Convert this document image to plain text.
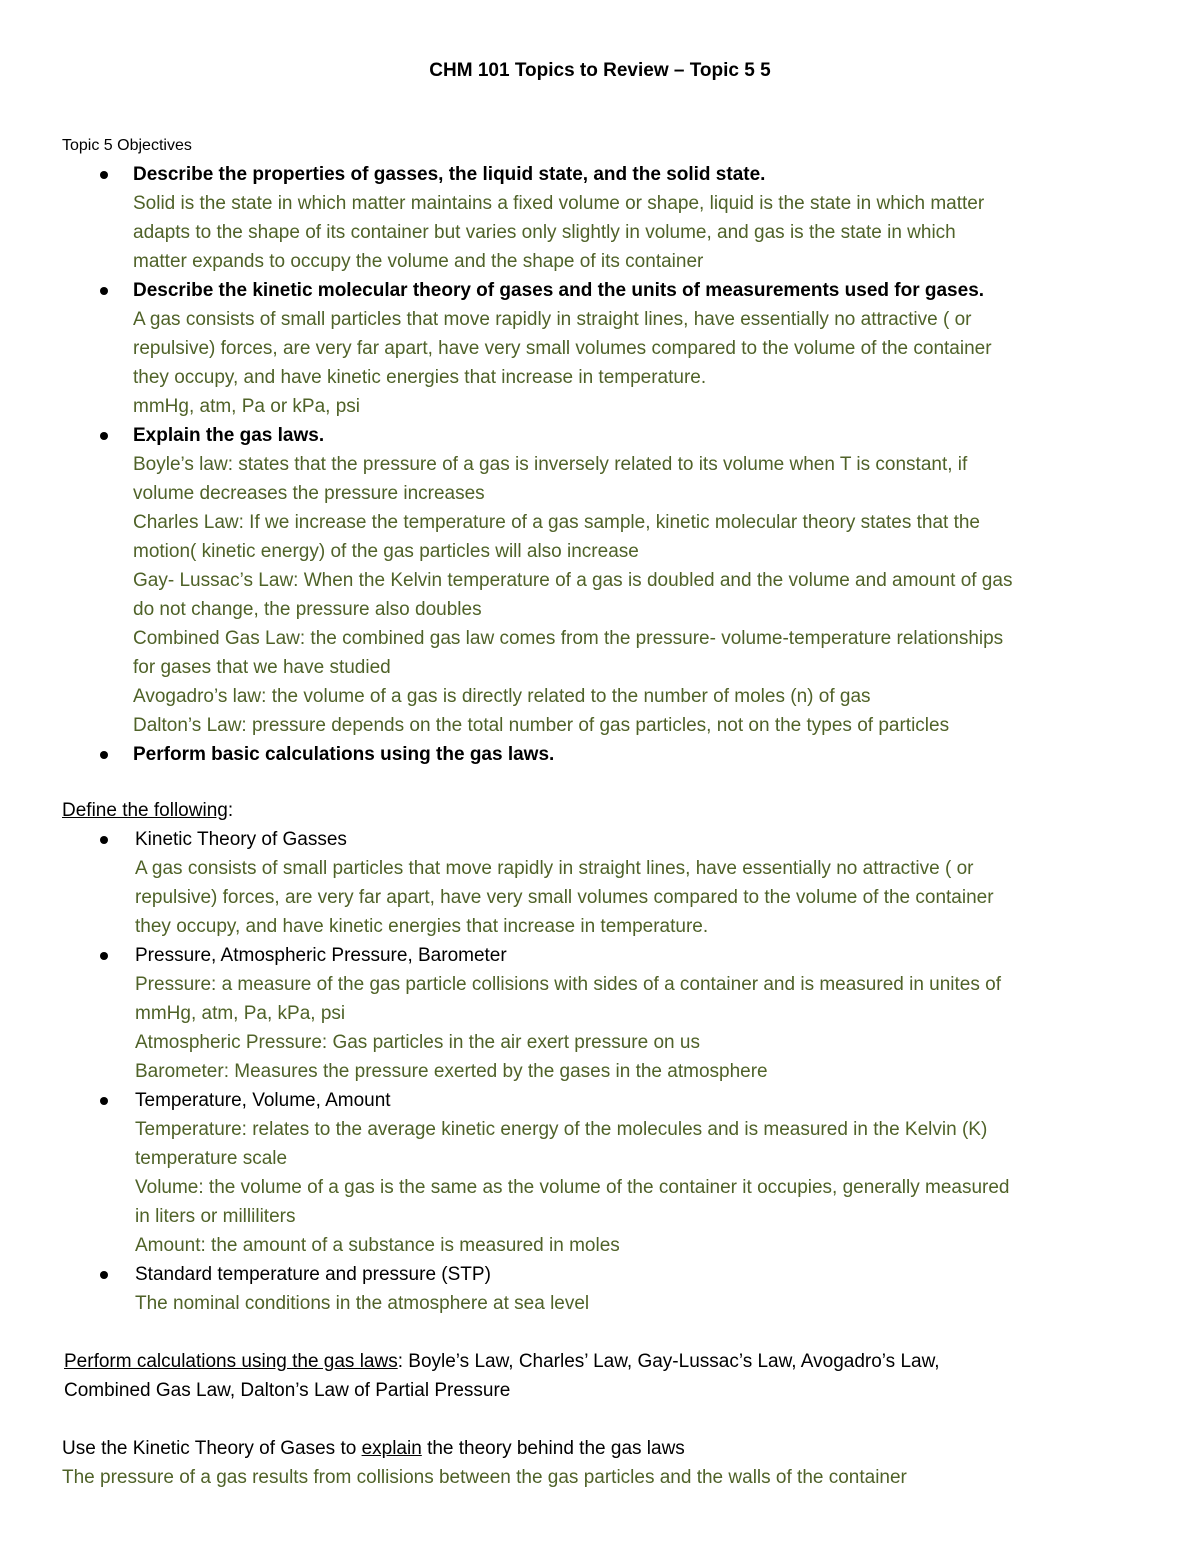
CHM 101 Topics to Review – Topic 5 5
Topic 5 Objectives
Describe the properties of gasses, the liquid state, and the solid state.
Solid is the state in which matter maintains a fixed volume or shape, liquid is the state in which matter
adapts to the shape of its container but varies only slightly in volume, and gas is the state in which
matter expands to occupy the volume and the shape of its container
Describe the kinetic molecular theory of gases and the units of measurements used for gases.
A gas consists of small particles that move rapidly in straight lines, have essentially no attractive ( or
repulsive) forces, are very far apart, have very small volumes compared to the volume of the container
they occupy, and have kinetic energies that increase in temperature.
mmHg, atm, Pa or kPa, psi
Explain the gas laws.
Boyle’s law: states that the pressure of a gas is inversely related to its volume when T is constant, if
volume decreases the pressure increases
Charles Law: If we increase the temperature of a gas sample, kinetic molecular theory states that the
motion( kinetic energy) of the gas particles will also increase
Gay- Lussac’s Law: When the Kelvin temperature of a gas is doubled and the volume and amount of gas
do not change, the pressure also doubles
Combined Gas Law: the combined gas law comes from the pressure- volume-temperature relationships
for gases that we have studied
Avogadro’s law: the volume of a gas is directly related to the number of moles (n) of gas
Dalton’s Law: pressure depends on the total number of gas particles, not on the types of particles
Perform basic calculations using the gas laws.
Define the following:
Kinetic Theory of Gasses
A gas consists of small particles that move rapidly in straight lines, have essentially no attractive ( or
repulsive) forces, are very far apart, have very small volumes compared to the volume of the container
they occupy, and have kinetic energies that increase in temperature.
Pressure, Atmospheric Pressure, Barometer
Pressure: a measure of the gas particle collisions with sides of a container and is measured in unites of
mmHg, atm, Pa, kPa, psi
Atmospheric Pressure: Gas particles in the air exert pressure on us
Barometer: Measures the pressure exerted by the gases in the atmosphere
Temperature, Volume, Amount
Temperature: relates to the average kinetic energy of the molecules and is measured in the Kelvin (K)
temperature scale
Volume: the volume of a gas is the same as the volume of the container it occupies, generally measured
in liters or milliliters
Amount: the amount of a substance is measured in moles
Standard temperature and pressure (STP)
The nominal conditions in the atmosphere at sea level
Perform calculations using the gas laws: Boyle’s Law, Charles’ Law, Gay-Lussac’s Law, Avogadro’s Law,
Combined Gas Law, Dalton’s Law of Partial Pressure
Use the Kinetic Theory of Gases to explain the theory behind the gas laws
The pressure of a gas results from collisions between the gas particles and the walls of the container
